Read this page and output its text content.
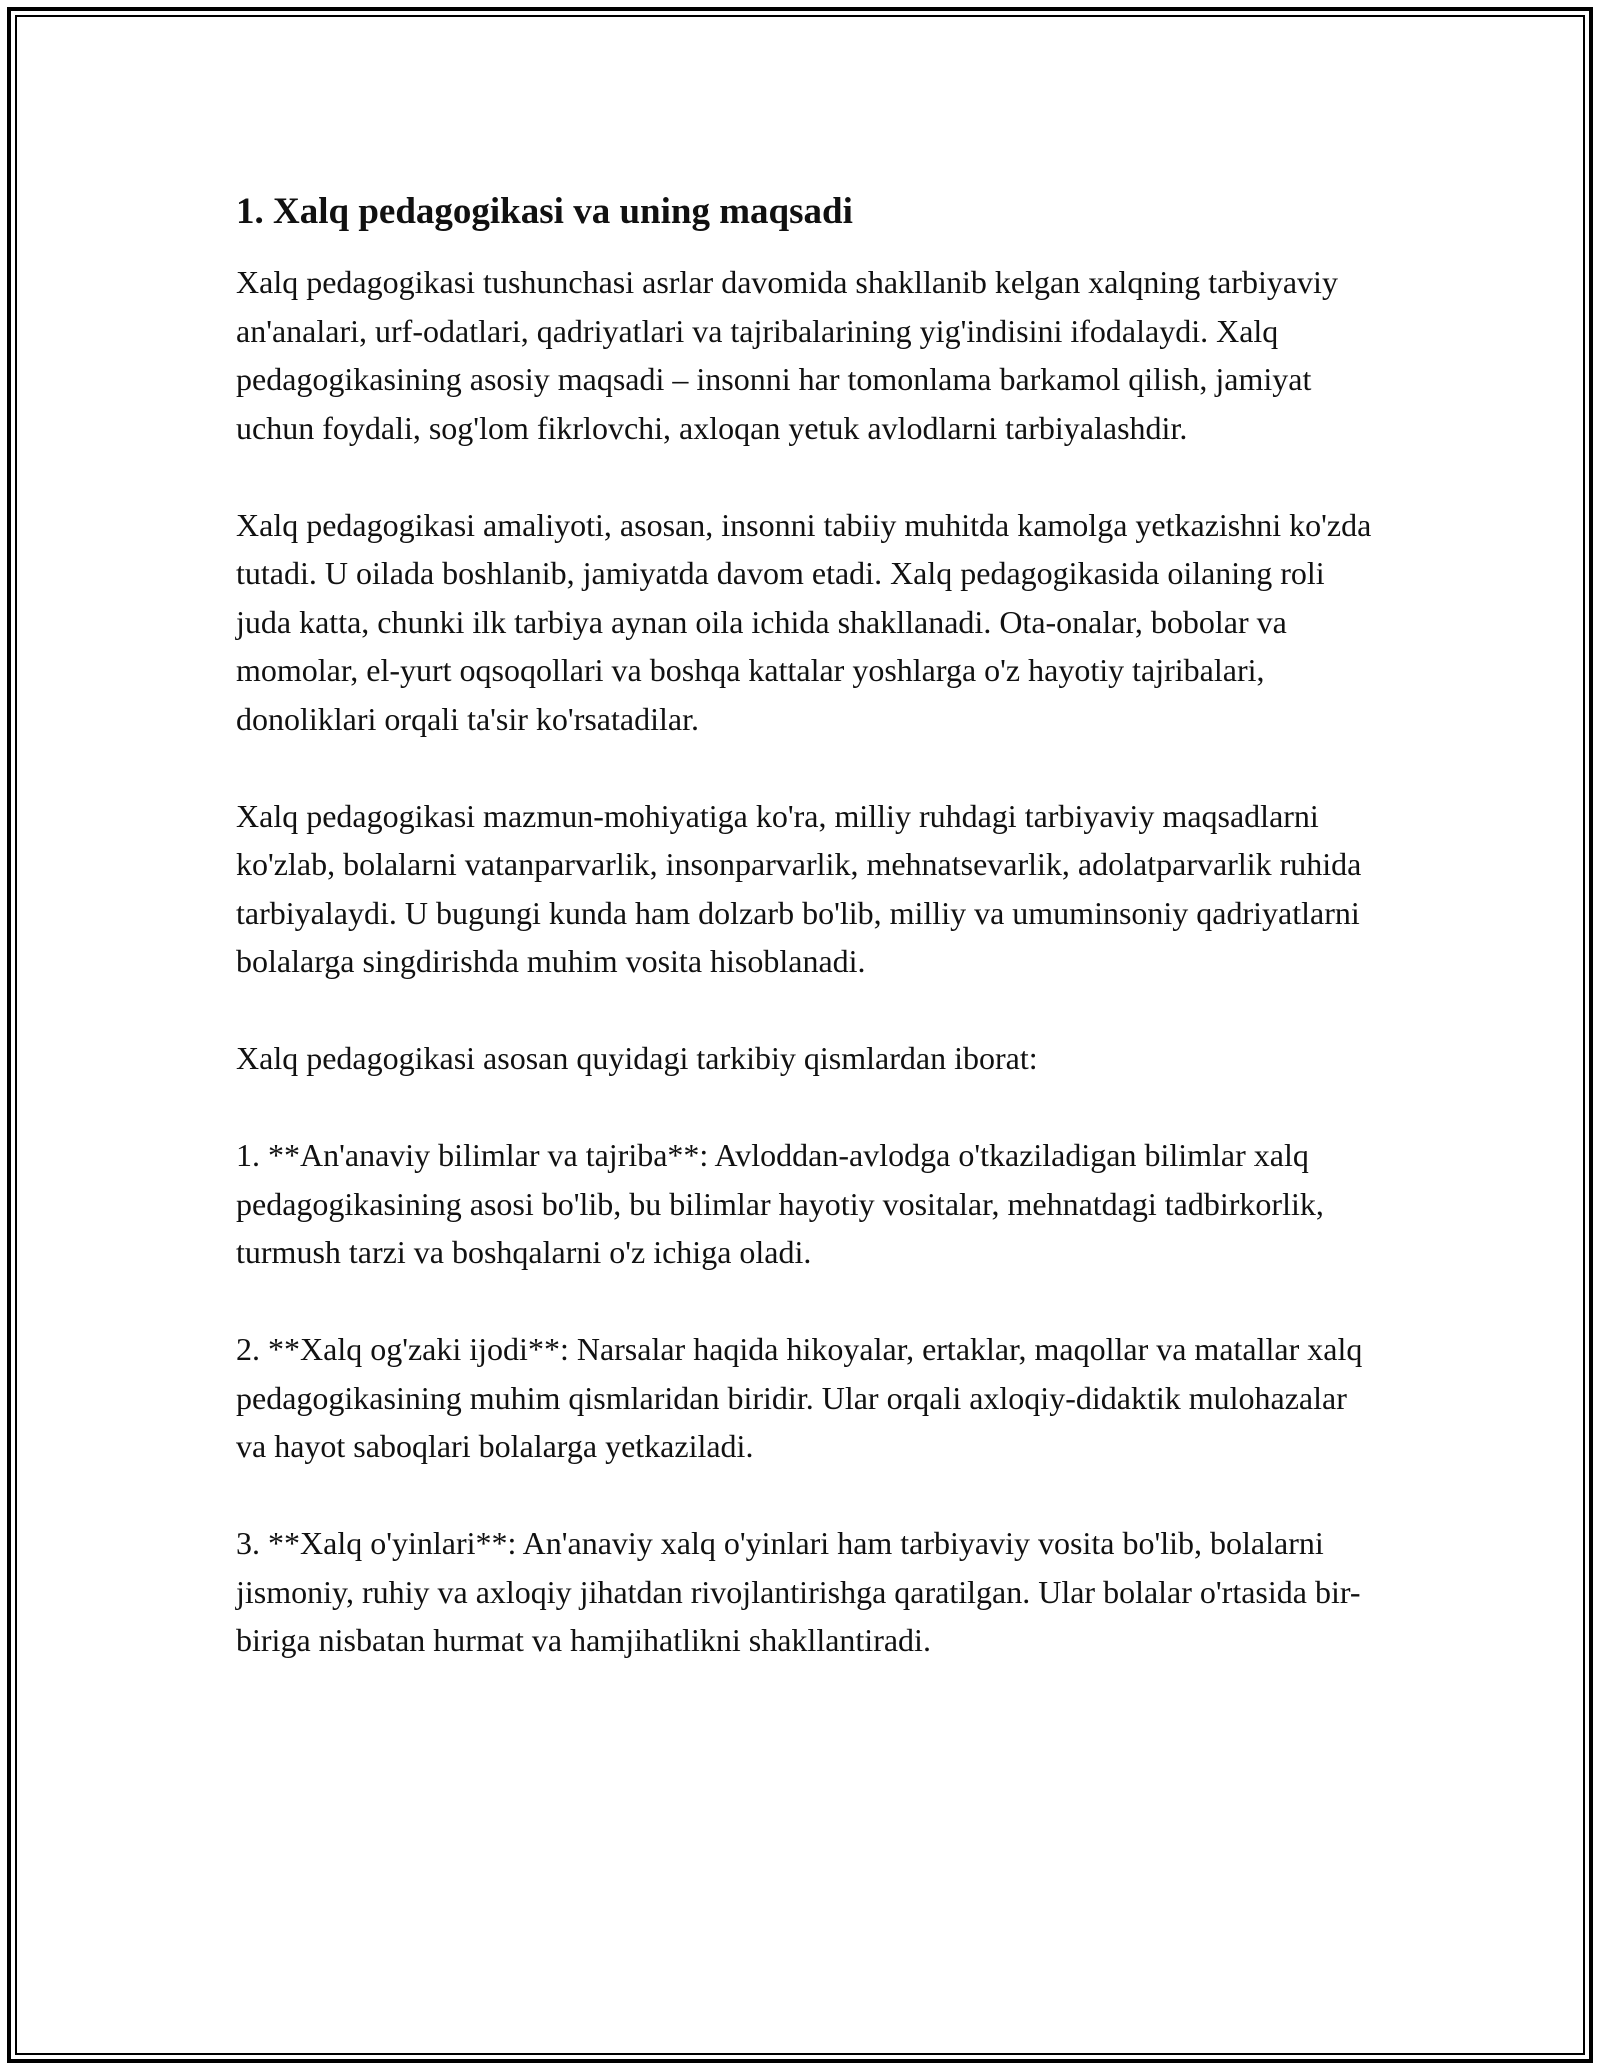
1. Xalq pedagogikasi va uning maqsadi

Xalq pedagogikasi tushunchasi asrlar davomida shakllanib kelgan xalqning tarbiyaviy an'analari, urf-odatlari, qadriyatlari va tajribalarining yig'indisini ifodalaydi. Xalq pedagogikasining asosiy maqsadi – insonni har tomonlama barkamol qilish, jamiyat uchun foydali, sog'lom fikrlovchi, axloqan yetuk avlodlarni tarbiyalashdir.

Xalq pedagogikasi amaliyoti, asosan, insonni tabiiy muhitda kamolga yetkazishni ko'zda tutadi. U oilada boshlanib, jamiyatda davom etadi. Xalq pedagogikasida oilaning roli juda katta, chunki ilk tarbiya aynan oila ichida shakllanadi. Ota-onalar, bobolar va momolar, el-yurt oqsoqollari va boshqa kattalar yoshlarga o'z hayotiy tajribalari, donoliklari orqali ta'sir ko'rsatadilar.

Xalq pedagogikasi mazmun-mohiyatiga ko'ra, milliy ruhdagi tarbiyaviy maqsadlarni ko'zlab, bolalarni vatanparvarlik, insonparvarlik, mehnatsevarlik, adolatparvarlik ruhida tarbiyalaydi. U bugungi kunda ham dolzarb bo'lib, milliy va umuminsoniy qadriyatlarni bolalarga singdirishda muhim vosita hisoblanadi.

Xalq pedagogikasi asosan quyidagi tarkibiy qismlardan iborat:

1. **An'anaviy bilimlar va tajriba**: Avloddan-avlodga o'tkaziladigan bilimlar xalq pedagogikasining asosi bo'lib, bu bilimlar hayotiy vositalar, mehnatdagi tadbirkorlik, turmush tarzi va boshqalarni o'z ichiga oladi.

2. **Xalq og'zaki ijodi**: Narsalar haqida hikoyalar, ertaklar, maqollar va matallar xalq pedagogikasining muhim qismlaridan biridir. Ular orqali axloqiy-didaktik mulohazalar va hayot saboqlari bolalarga yetkaziladi.

3. **Xalq o'yinlari**: An'anaviy xalq o'yinlari ham tarbiyaviy vosita bo'lib, bolalarni jismoniy, ruhiy va axloqiy jihatdan rivojlantirishga qaratilgan. Ular bolalar o'rtasida bir-biriga nisbatan hurmat va hamjihatlikni shakllantiradi.
